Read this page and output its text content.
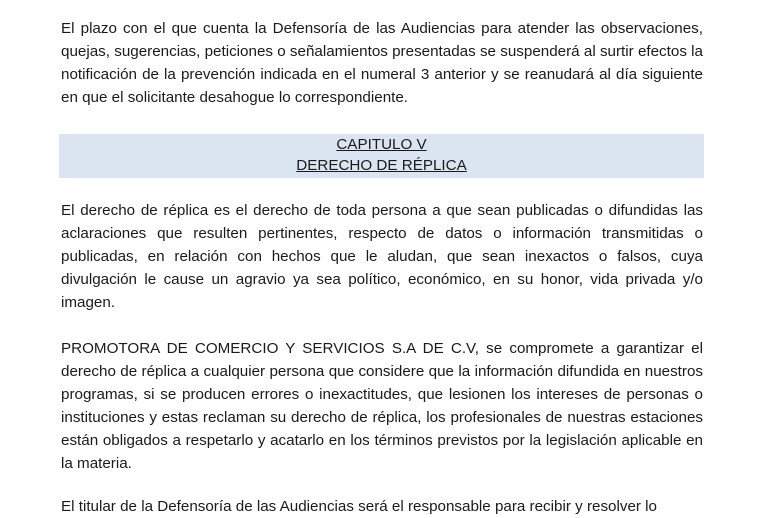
El plazo con el que cuenta la Defensoría de las Audiencias para atender las observaciones, quejas, sugerencias, peticiones o señalamientos presentadas se suspenderá al surtir efectos la notificación de la prevención indicada en el numeral 3 anterior y se reanudará al día siguiente en que el solicitante desahogue lo correspondiente.

CAPITULO V
DERECHO DE RÉPLICA

El derecho de réplica es el derecho de toda persona a que sean publicadas o difundidas las aclaraciones que resulten pertinentes, respecto de datos o información transmitidas o publicadas, en relación con hechos que le aludan, que sean inexactos o falsos, cuya divulgación le cause un agravio ya sea político, económico, en su honor, vida privada y/o imagen.

PROMOTORA DE COMERCIO Y SERVICIOS S.A DE C.V, se compromete a garantizar el derecho de réplica a cualquier persona que considere que la información difundida en nuestros programas, si se producen errores o inexactitudes, que lesionen los intereses de personas o instituciones y estas reclaman su derecho de réplica, los profesionales de nuestras estaciones están obligados a respetarlo y acatarlo en los términos previstos por la legislación aplicable en la materia.

El titular de la Defensoría de las Audiencias será el responsable para recibir y resolver lo
